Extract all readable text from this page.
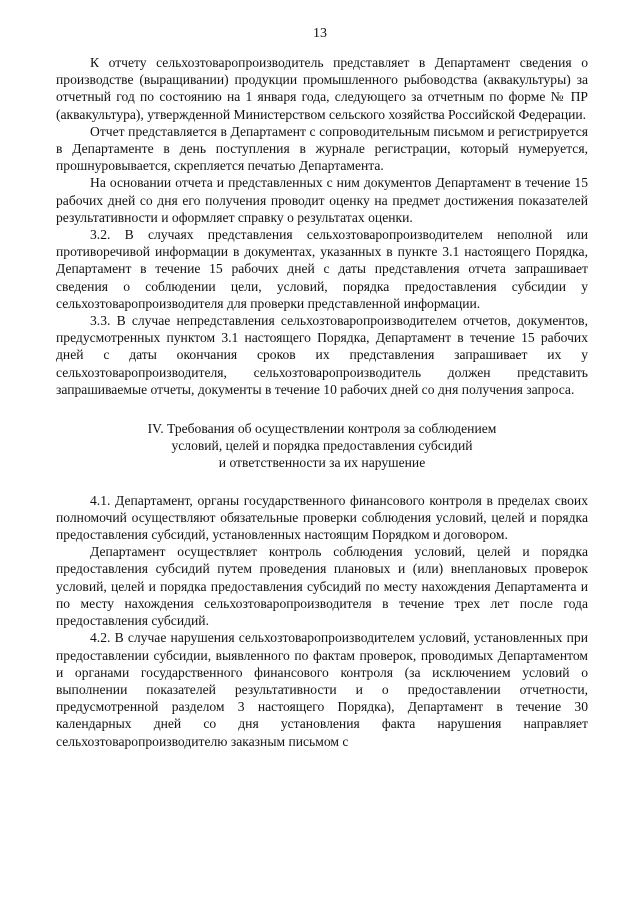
13

К отчету сельхозтоваропроизводитель представляет в Департамент сведения о производстве (выращивании) продукции промышленного рыбоводства (аквакультуры) за отчетный год по состоянию на 1 января года, следующего за отчетным по форме № ПР (аквакультура), утвержденной Министерством сельского хозяйства Российской Федерации.

Отчет представляется в Департамент с сопроводительным письмом и регистрируется в Департаменте в день поступления в журнале регистрации, который нумеруется, прошнуровывается, скрепляется печатью Департамента.

На основании отчета и представленных с ним документов Департамент в течение 15 рабочих дней со дня его получения проводит оценку на предмет достижения показателей результативности и оформляет справку о результатах оценки.

3.2. В случаях представления сельхозтоваропроизводителем неполной или противоречивой информации в документах, указанных в пункте 3.1 настоящего Порядка, Департамент в течение 15 рабочих дней с даты представления отчета запрашивает сведения о соблюдении цели, условий, порядка предоставления субсидии у сельхозтоваропроизводителя для проверки представленной информации.

3.3. В случае непредставления сельхозтоваропроизводителем отчетов, документов, предусмотренных пунктом 3.1 настоящего Порядка, Департамент в течение 15 рабочих дней с даты окончания сроков их представления запрашивает их у сельхозтоваропроизводителя, сельхозтоваропроизводитель должен представить запрашиваемые отчеты, документы в течение 10 рабочих дней со дня получения запроса.

IV. Требования об осуществлении контроля за соблюдением

условий, целей и порядка предоставления субсидий

и ответственности за их нарушение

4.1. Департамент, органы государственного финансового контроля в пределах своих полномочий осуществляют обязательные проверки соблюдения условий, целей и порядка предоставления субсидий, установленных настоящим Порядком и договором.

Департамент осуществляет контроль соблюдения условий, целей и порядка предоставления субсидий путем проведения плановых и (или) внеплановых проверок условий, целей и порядка предоставления субсидий по месту нахождения Департамента и по месту нахождения сельхозтоваропроизводителя в течение трех лет после года предоставления субсидий.

4.2. В случае нарушения сельхозтоваропроизводителем условий, установленных при предоставлении субсидии, выявленного по фактам проверок, проводимых Департаментом и органами государственного финансового контроля (за исключением условий о выполнении показателей результативности и о предоставлении отчетности, предусмотренной разделом 3 настоящего Порядка), Департамент в течение 30 календарных дней со дня установления факта нарушения направляет сельхозтоваропроизводителю заказным письмом с
